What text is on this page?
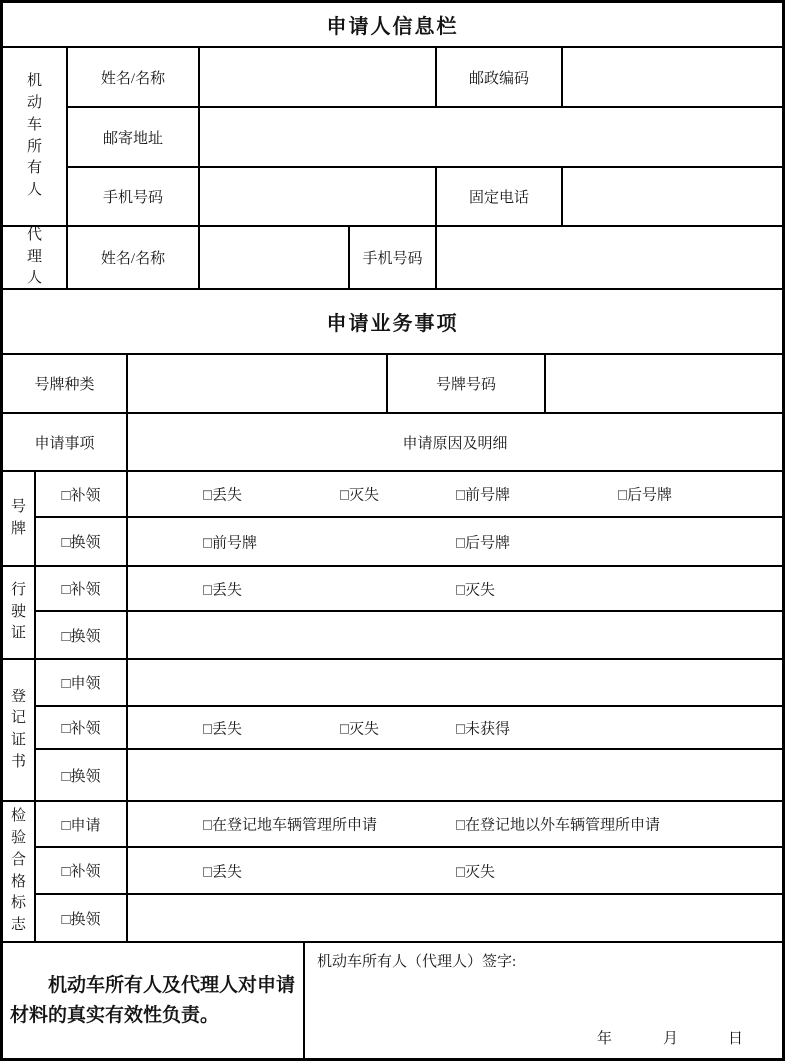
申请人信息栏
机动车所有人
姓名/名称	邮政编码
邮寄地址
手机号码	固定电话
代理人
姓名/名称	手机号码
申请业务事项
号牌种类	号牌号码
申请事项	申请原因及明细
号牌
□补领	□丢失	□灭失	□前号牌	□后号牌
□换领	□前号牌	□后号牌
行驶证
□补领	□丢失	□灭失
□换领
登记证书
□申领
□补领	□丢失	□灭失	□未获得
□换领
检验合格标志
□申请	□在登记地车辆管理所申请	□在登记地以外车辆管理所申请
□补领	□丢失	□灭失
□换领

机动车所有人及代理人对申请材料的真实有效性负责。

机动车所有人（代理人）签字:
年	月	日
